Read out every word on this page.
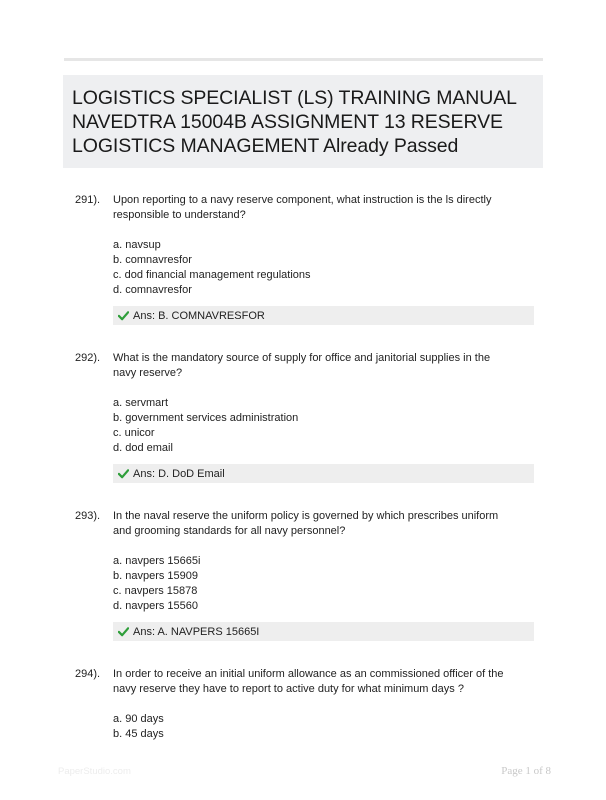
LOGISTICS SPECIALIST (LS) TRAINING MANUAL NAVEDTRA 15004B ASSIGNMENT 13 RESERVE LOGISTICS MANAGEMENT Already Passed
291). Upon reporting to a navy reserve component, what instruction is the ls directly responsible to understand?
a. navsup
b. comnavresfor
c. dod financial management regulations
d. comnavresfor
Ans: B. COMNAVRESFOR
292). What is the mandatory source of supply for office and janitorial supplies in the navy reserve?
a. servmart
b. government services administration
c. unicor
d. dod email
Ans: D. DoD Email
293). In the naval reserve the uniform policy is governed by which prescribes uniform and grooming standards for all navy personnel?
a. navpers 15665i
b. navpers 15909
c. navpers 15878
d. navpers 15560
Ans: A. NAVPERS 15665I
294). In order to receive an initial uniform allowance as an commissioned officer of the navy reserve they have to report to active duty for what minimum days ?
a. 90 days
b. 45 days
PaperStudio.com	Page 1 of 8
